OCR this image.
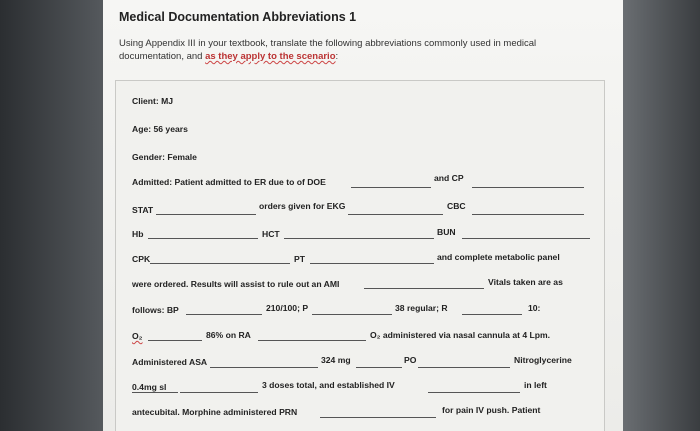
Medical Documentation Abbreviations 1
Using Appendix III in your textbook, translate the following abbreviations commonly used in medical documentation, and as they apply to the scenario:
Client: MJ
Age: 56 years
Gender: Female
Admitted: Patient admitted to ER due to of DOE	and CP
STAT	orders given for EKG	CBC
Hb	HCT	BUN
CPK	PT	and complete metabolic panel
were ordered. Results will assist to rule out an AMI	Vitals taken are as
follows: BP	210/100; P	38 regular; R	10:
O₂	86% on RA	O₂ administered via nasal cannula at 4 Lpm.
Administered ASA	324 mg	PO	Nitroglycerine
0.4mg sl	3 doses total, and established IV	in left
antecubital. Morphine administered PRN	for pain IV push. Patient
